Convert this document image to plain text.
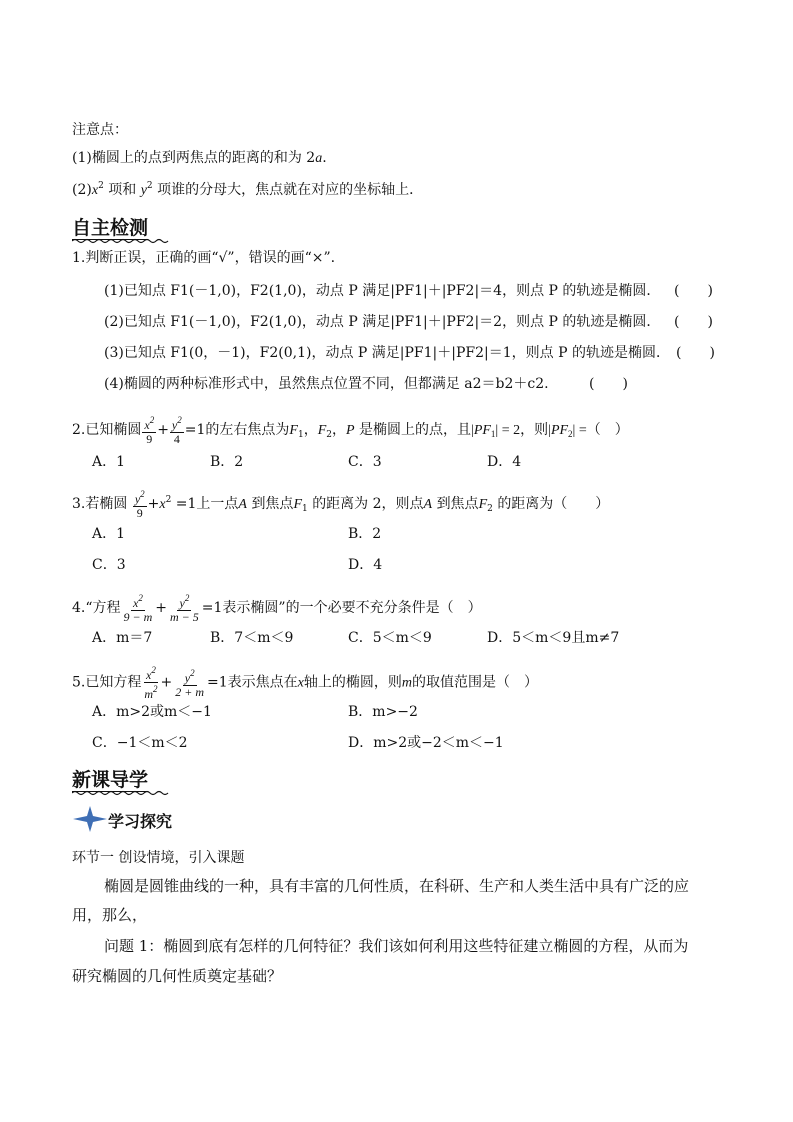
注意点：
(1)椭圆上的点到两焦点的距离的和为 2a.
$(2)x^2$ 项和 $y^2$ 项谁的分母大，焦点就在对应的坐标轴上．
自主检测
1.判断正误，正确的画“√”，错误的画“×”.
(1)已知点 F1(－1,0)，F2(1,0)，动点 P 满足|PF1|＋|PF2|＝4，则点 P 的轨迹是椭圆． (　　)
(2)已知点 F1(－1,0)，F2(1,0)，动点 P 满足|PF1|＋|PF2|＝2，则点 P 的轨迹是椭圆． (　　)
(3)已知点 F1(0，－1)，F2(0,1)，动点 P 满足|PF1|＋|PF2|＝1，则点 P 的轨迹是椭圆． (　　)
(4)椭圆的两种标准形式中，虽然焦点位置不同，但都满足 a2＝b2＋c2.	(　　)
2.已知椭圆 $\frac{x^2}{9} + \frac{y^2}{4} =1$的左右焦点为$F_1$，$F_2$，P 是椭圆上的点，且$|PF_1| = 2$，则$|PF_2|$ =（　）
A．1	B．2	C．3	D．4
3.若椭圆 $\frac{y^2}{9} +x^2 =1$上一点A 到焦点$F_1$ 的距离为 2，则点A 到焦点$F_2$ 的距离为（　　）
A．1	B．2
C．3	D．4
4.“方程 $\frac{x^2}{9 - m} + \frac{y^2}{m - 5} =1$表示椭圆”的一个必要不充分条件是（　）
A．m＝7	B．7＜m＜9	C．5＜m＜9	D．5＜m＜9且m≠7
5.已知方程 $\frac{x^2}{m^2} + \frac{y^2}{2 + m} =1$表示焦点在x轴上的椭圆，则m的取值范围是（　）
A．m>2或m＜−1	B．m>−2
C．−1＜m＜2	D．m>2或−2＜m＜−1
新课导学
学习探究
环节一 创设情境，引入课题
椭圆是圆锥曲线的一种，具有丰富的几何性质，在科研、生产和人类生活中具有广泛的应
用，那么，
问题 1：椭圆到底有怎样的几何特征？我们该如何利用这些特征建立椭圆的方程，从而为
研究椭圆的几何性质奠定基础？
